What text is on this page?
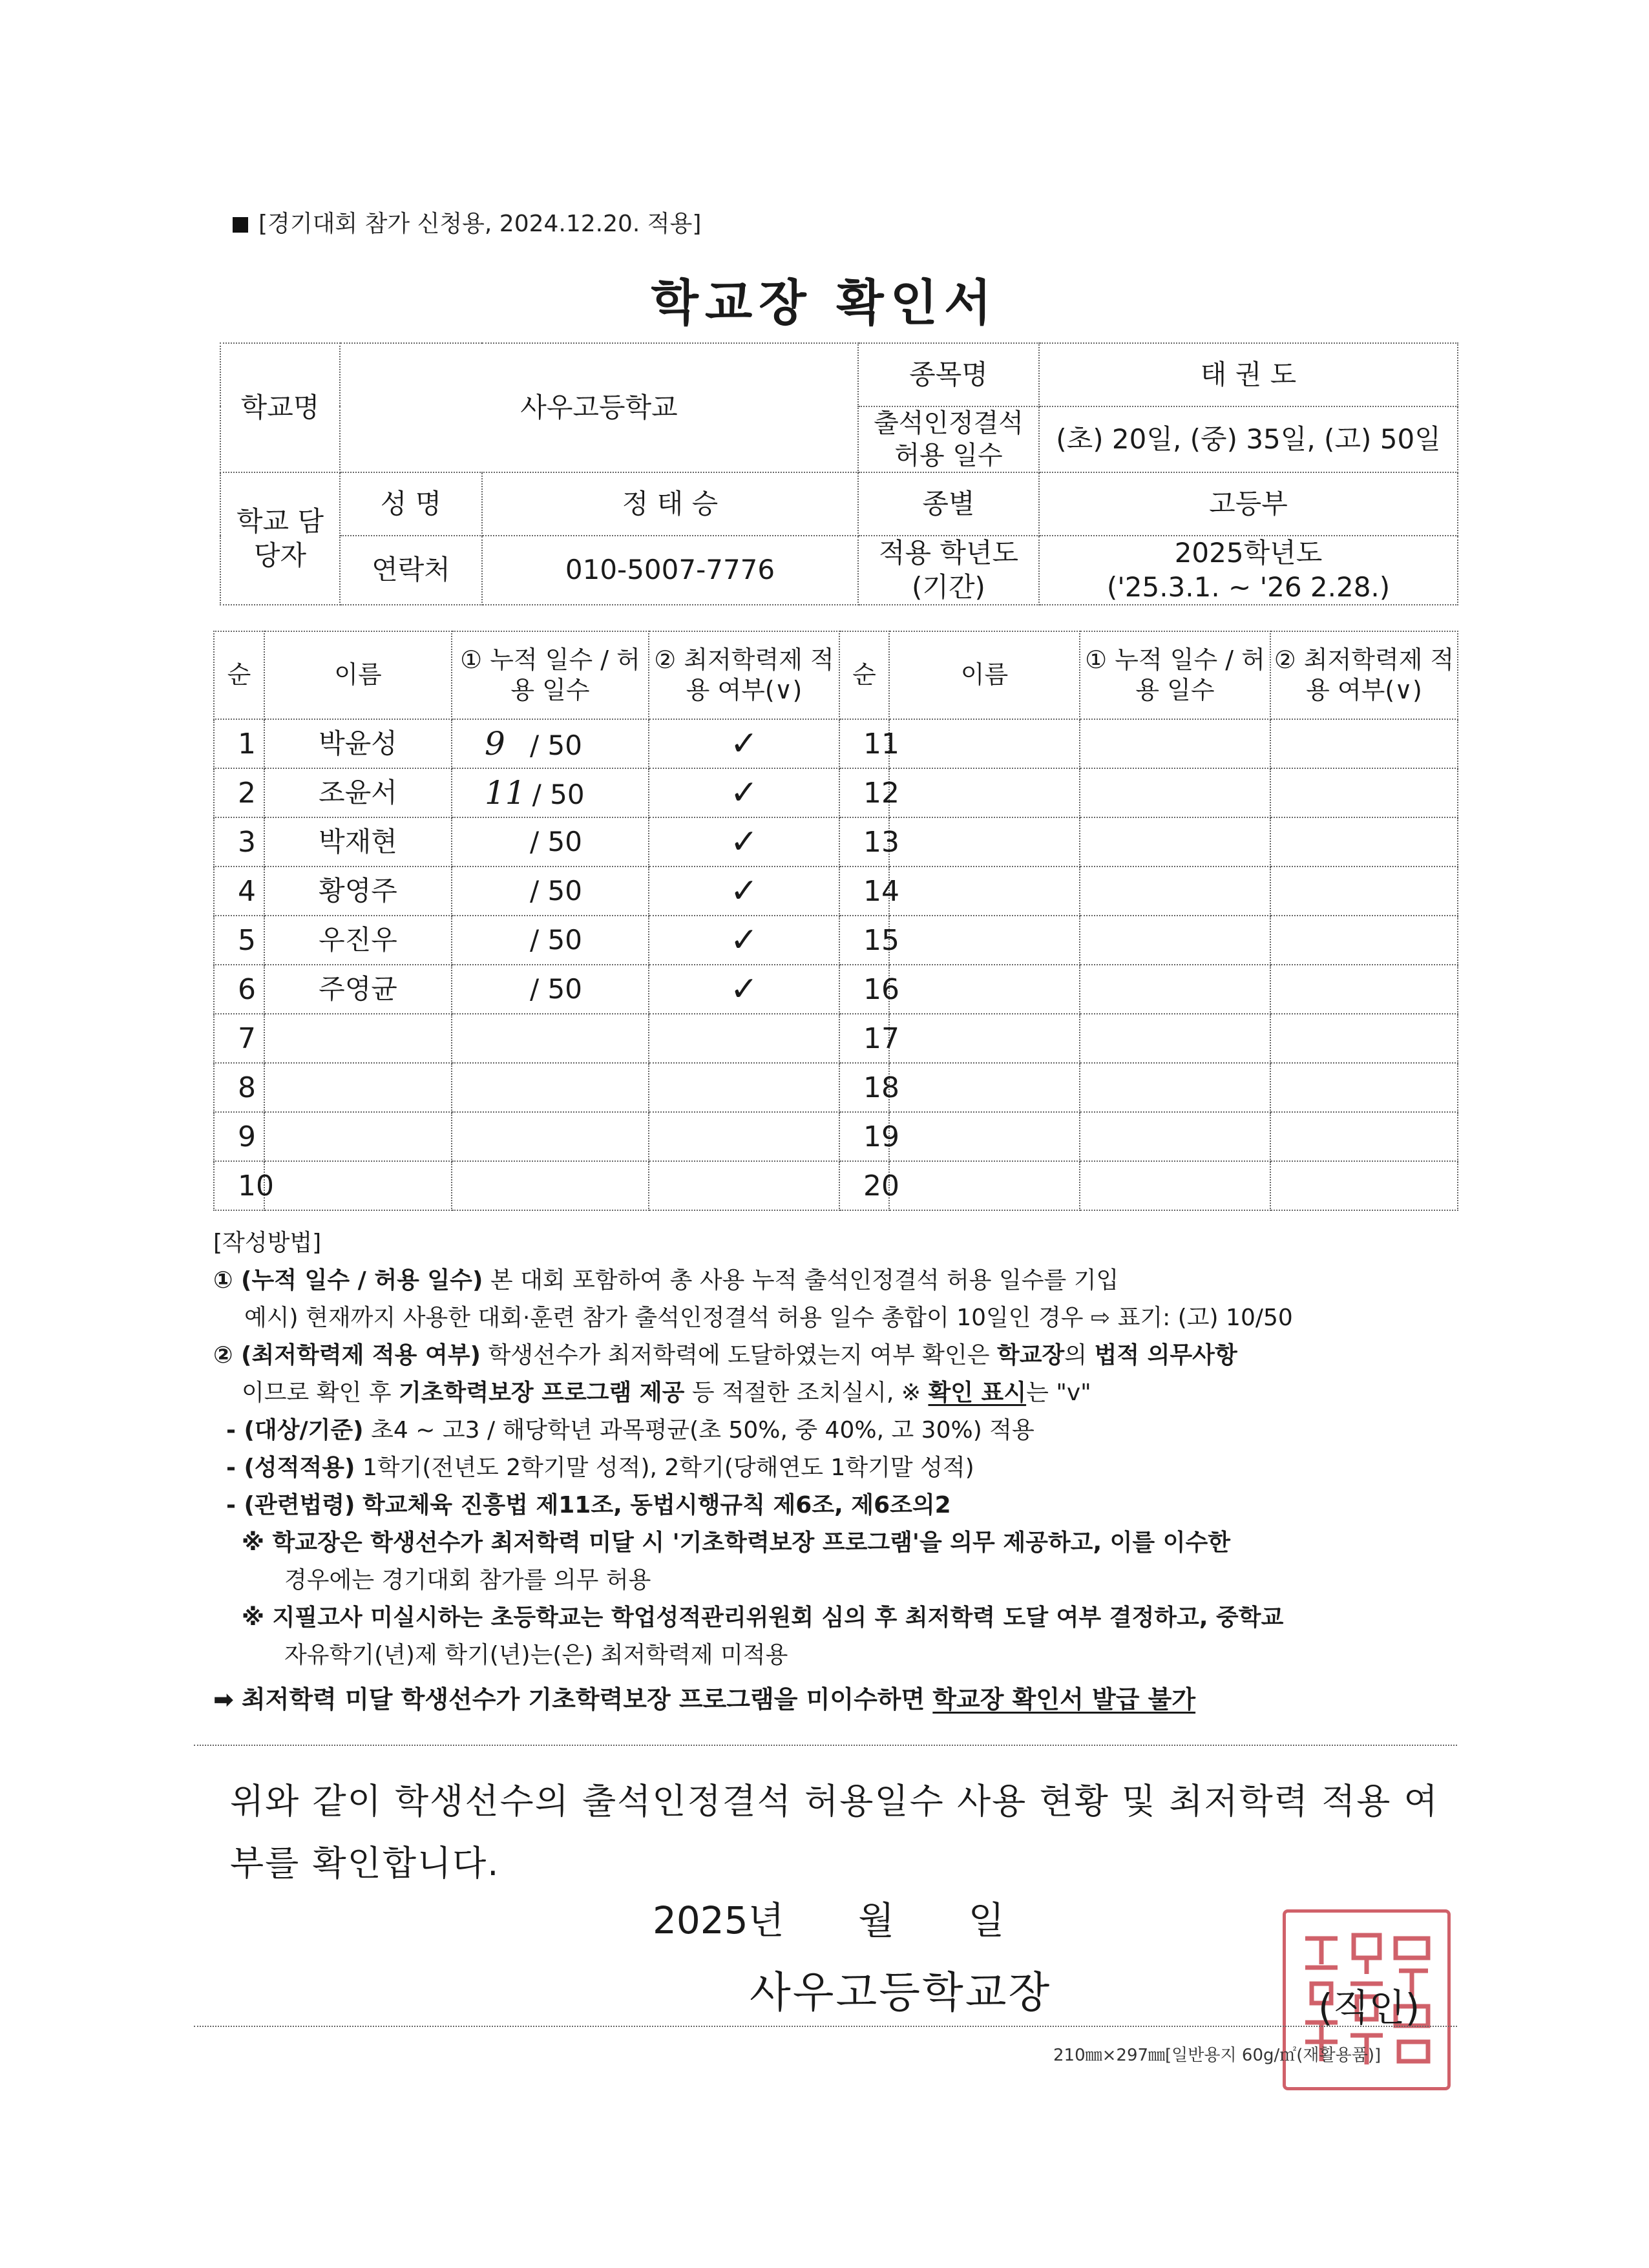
[경기대회 참가 신청용, 2024.12.20. 적용]
학교장 확인서
학교명	사우고등학교		종목명	태 권 도
			출석인정결석 허용 일수	(초) 20일, (중) 35일, (고) 50일
학교 담당자	성 명	정 태 승	종별	고등부
	연락처	010-5007-7776	적용 학년도 (기간)	2025학년도
('25.3.1. ~ '26 2.28.)
순	이름	① 누적 일수 / 허용 일수	② 최저학력제 적용 여부(∨)	순	이름	① 누적 일수 / 허용 일수	② 최저학력제 적용 여부(∨)
1	박윤성	9 / 50	✓	11			
2	조윤서	11 / 50	✓	12			
3	박재현	/ 50	✓	13			
4	황영주	/ 50	✓	14			
5	우진우	/ 50	✓	15			
6	주영균	/ 50	✓	16			
7				17			
8				18			
9				19			
10				20			
[작성방법]
① (누적 일수 / 허용 일수) 본 대회 포함하여 총 사용 누적 출석인정결석 허용 일수를 기입
예시) 현재까지 사용한 대회·훈련 참가 출석인정결석 허용 일수 총합이 10일인 경우 ⇨ 표기: (고) 10/50
② (최저학력제 적용 여부) 학생선수가 최저학력에 도달하였는지 여부 확인은 학교장의 법적 의무사항
이므로 확인 후 기초학력보장 프로그램 제공 등 적절한 조치실시, ※ 확인 표시는 "v"
- (대상/기준) 초4 ~ 고3 / 해당학년 과목평균(초 50%, 중 40%, 고 30%) 적용
- (성적적용) 1학기(전년도 2학기말 성적), 2학기(당해연도 1학기말 성적)
- (관련법령) 학교체육 진흥법 제11조, 동법시행규칙 제6조, 제6조의2
※ 학교장은 학생선수가 최저학력 미달 시 '기초학력보장 프로그램'을 의무 제공하고, 이를 이수한
경우에는 경기대회 참가를 의무 허용
※ 지필고사 미실시하는 초등학교는 학업성적관리위원회 심의 후 최저학력 도달 여부 결정하고, 중학교
자유학기(년)제 학기(년)는(은) 최저학력제 미적용
➡ 최저학력 미달 학생선수가 기초학력보장 프로그램을 미이수하면 학교장 확인서 발급 불가
위와 같이 학생선수의 출석인정결석 허용일수 사용 현황 및 최저학력 적용 여부를 확인합니다.
2025년 월 일
사우고등학교장	(직인)
210㎜×297㎜[일반용지 60g/㎡(재활용품)]
